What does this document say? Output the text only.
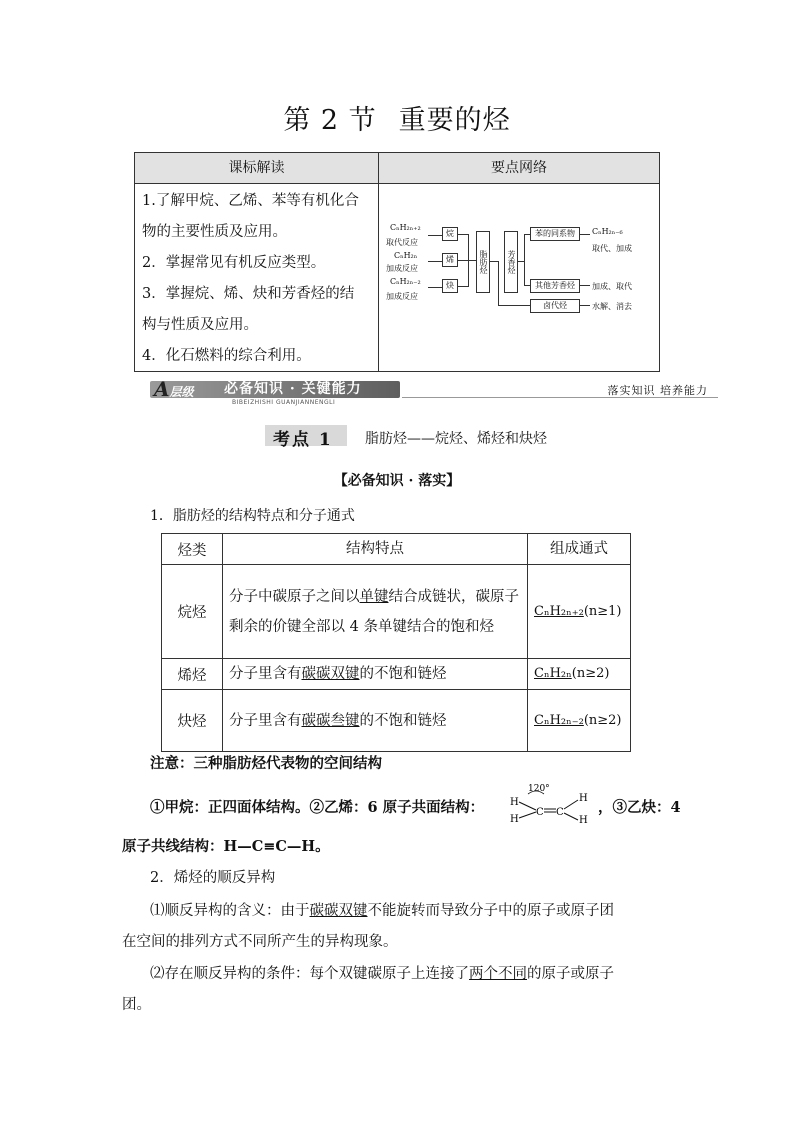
第 2 节 重要的烃
课标解读	要点网络
1.了解甲烷、乙烯、苯等有机化合
物的主要性质及应用。
2．掌握常见有机反应类型。
3．掌握烷、烯、炔和芳香烃的结
构与性质及应用。
4．化石燃料的综合利用。
CₙH₂ₙ₊₂
取代反应
CₙH₂ₙ
加成反应
CₙH₂ₙ₋₂
加成反应
烷
烯
炔
脂肪烃	芳香烃
苯的同系物
其他芳香烃
卤代烃
CₙH₂ₙ₋₆
取代、加成
加成、取代
水解、消去
A层级 必备知识 · 关键能力
BIBEIZHISHI GUANJIANNENGLI
落实知识 培养能力
考点 1 脂肪烃——烷烃、烯烃和炔烃
【必备知识 · 落实】
1．脂肪烃的结构特点和分子通式
烃类	结构特点	组成通式
烷烃	分子中碳原子之间以单键结合成链状，碳原子剩余的价键全部以 4 条单键结合的饱和烃	CₙH₂ₙ₊₂(n≥1)
烯烃	分子里含有碳碳双键的不饱和链烃	CₙH₂ₙ(n≥2)
炔烃	分子里含有碳碳叁键的不饱和链烃	CₙH₂ₙ₋₂(n≥2)
注意：三种脂肪烃代表物的空间结构
①甲烷：正四面体结构。②乙烯：6 原子共面结构：
120°
H
H
C C
H
H
，③乙炔：4
原子共线结构：H—C≡C—H。
2．烯烃的顺反异构
⑴顺反异构的含义：由于碳碳双键不能旋转而导致分子中的原子或原子团
在空间的排列方式不同所产生的异构现象。
⑵存在顺反异构的条件：每个双键碳原子上连接了两个不同的原子或原子
团。
